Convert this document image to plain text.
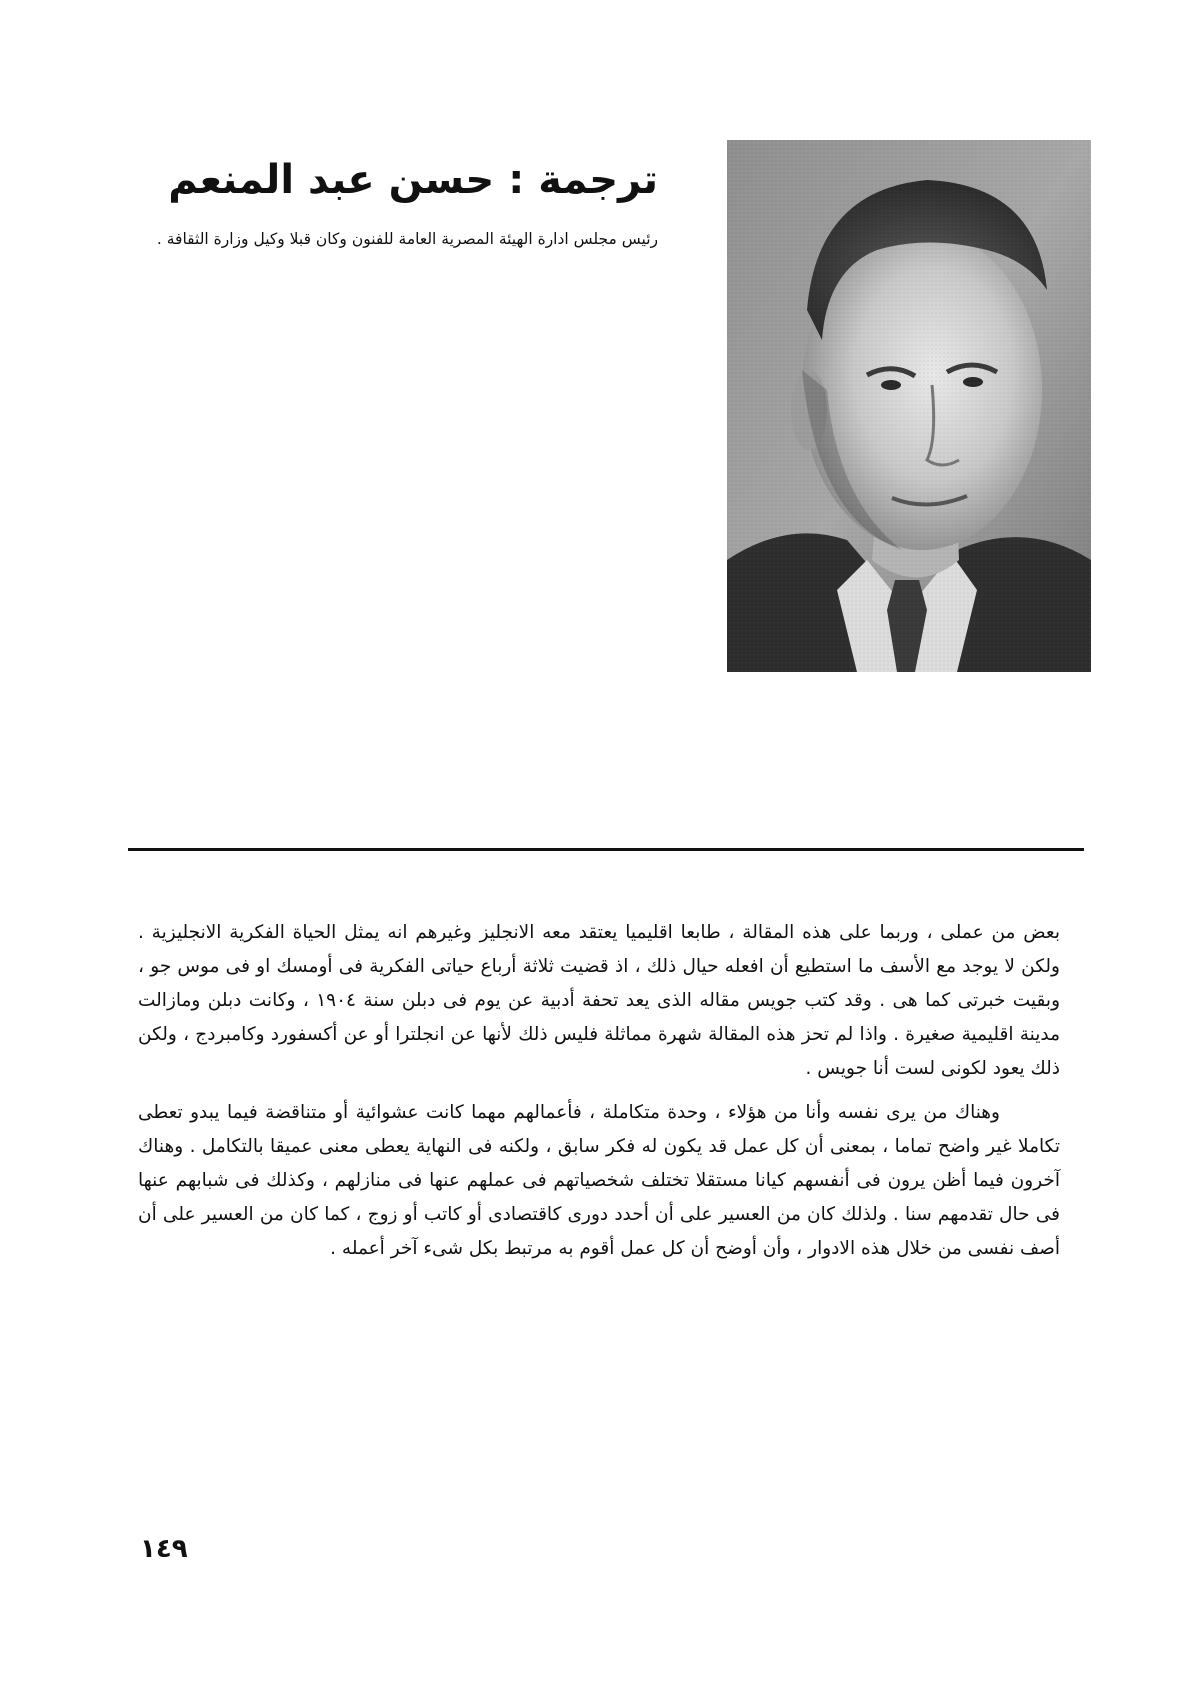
ترجمة:حسن عبد المنعم
رئيس مجلس ادارة الهيئة المصرية العامة للفنون وكان قبلا وكيل وزارة الثقافة .

بعض من عملى ، وربما على هذه المقالة ، طابعا اقليميا يعتقد معه الانجليز وغيرهم انه يمثل الحياة الفكرية الانجليزية . ولكن لا يوجد مع الأسف ما استطيع أن افعله حيال ذلك ، اذ قضيت ثلاثة أرباع حياتى الفكرية فى أومسك او فى موس جو ، وبقيت خبرتى كما هى . وقد كتب جويس مقاله الذى يعد تحفة أدبية عن يوم فى دبلن سنة ١٩٠٤ ، وكانت دبلن ومازالت مدينة اقليمية صغيرة . واذا لم تحز هذه المقالة شهرة مماثلة فليس ذلك لأنها عن انجلترا أو عن أكسفورد وكامبردج ، ولكن ذلك يعود لكونى لست أنا جويس .

وهناك من يرى نفسه وأنا من هؤلاء ، وحدة متكاملة ، فأعمالهم مهما كانت عشوائية أو متناقضة فيما يبدو تعطى تكاملا غير واضح تماما ، بمعنى أن كل عمل قد يكون له فكر سابق ، ولكنه فى النهاية يعطى معنى عميقا بالتكامل . وهناك آخرون فيما أظن يرون فى أنفسهم كيانا مستقلا تختلف شخصياتهم فى عملهم عنها فى منازلهم ، وكذلك فى شبابهم عنها فى حال تقدمهم سنا . ولذلك كان من العسير على أن أحدد دورى كاقتصادى أو كاتب أو زوج ، كما كان من العسير على أن أصف نفسى من خلال هذه الادوار ، وأن أوضح أن كل عمل أقوم به مرتبط بكل شىء آخر أعمله .

١٤٩
